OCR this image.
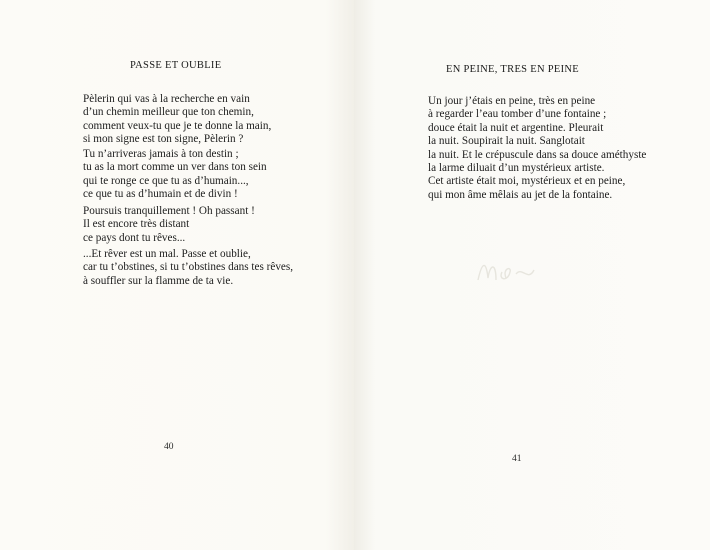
PASSE ET OUBLIE
Pèlerin qui vas à la recherche en vain
d’un chemin meilleur que ton chemin,
comment veux-tu que je te donne la main,
si mon signe est ton signe, Pèlerin ?
Tu n’arriveras jamais à ton destin ;
tu as la mort comme un ver dans ton sein
qui te ronge ce que tu as d’humain...,
ce que tu as d’humain et de divin !
Poursuis tranquillement ! Oh passant !
Il est encore très distant
ce pays dont tu rêves...
...Et rêver est un mal. Passe et oublie,
car tu t’obstines, si tu t’obstines dans tes rêves,
à souffler sur la flamme de ta vie.
40
EN PEINE, TRES EN PEINE
Un jour j’étais en peine, très en peine
à regarder l’eau tomber d’une fontaine ;
douce était la nuit et argentine. Pleurait
la nuit. Soupirait la nuit. Sanglotait
la nuit. Et le crépuscule dans sa douce améthyste
la larme diluait d’un mystérieux artiste.
Cet artiste était moi, mystérieux et en peine,
qui mon âme mêlais au jet de la fontaine.
41
